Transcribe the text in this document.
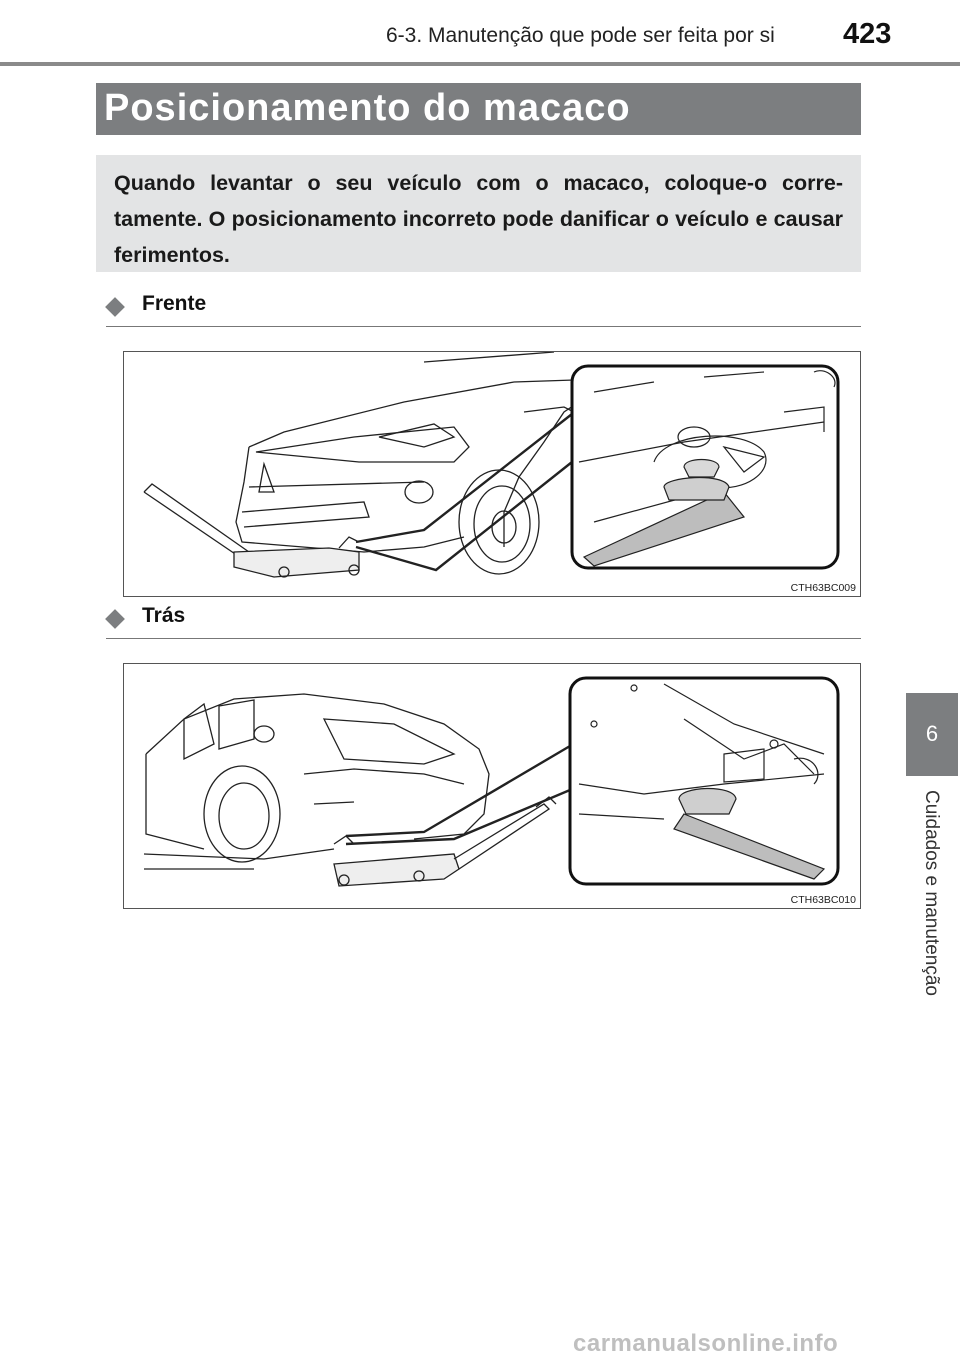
6-3. Manutenção que pode ser feita por si 423
Posicionamento do macaco

Quando levantar o seu veículo com o macaco, coloque-o corre-tamente. O posicionamento incorreto pode danificar o veículo e causar ferimentos.

Frente
CTH63BC009
Trás
CTH63BC010
6
Cuidados e manutenção
carmanualsonline.info
